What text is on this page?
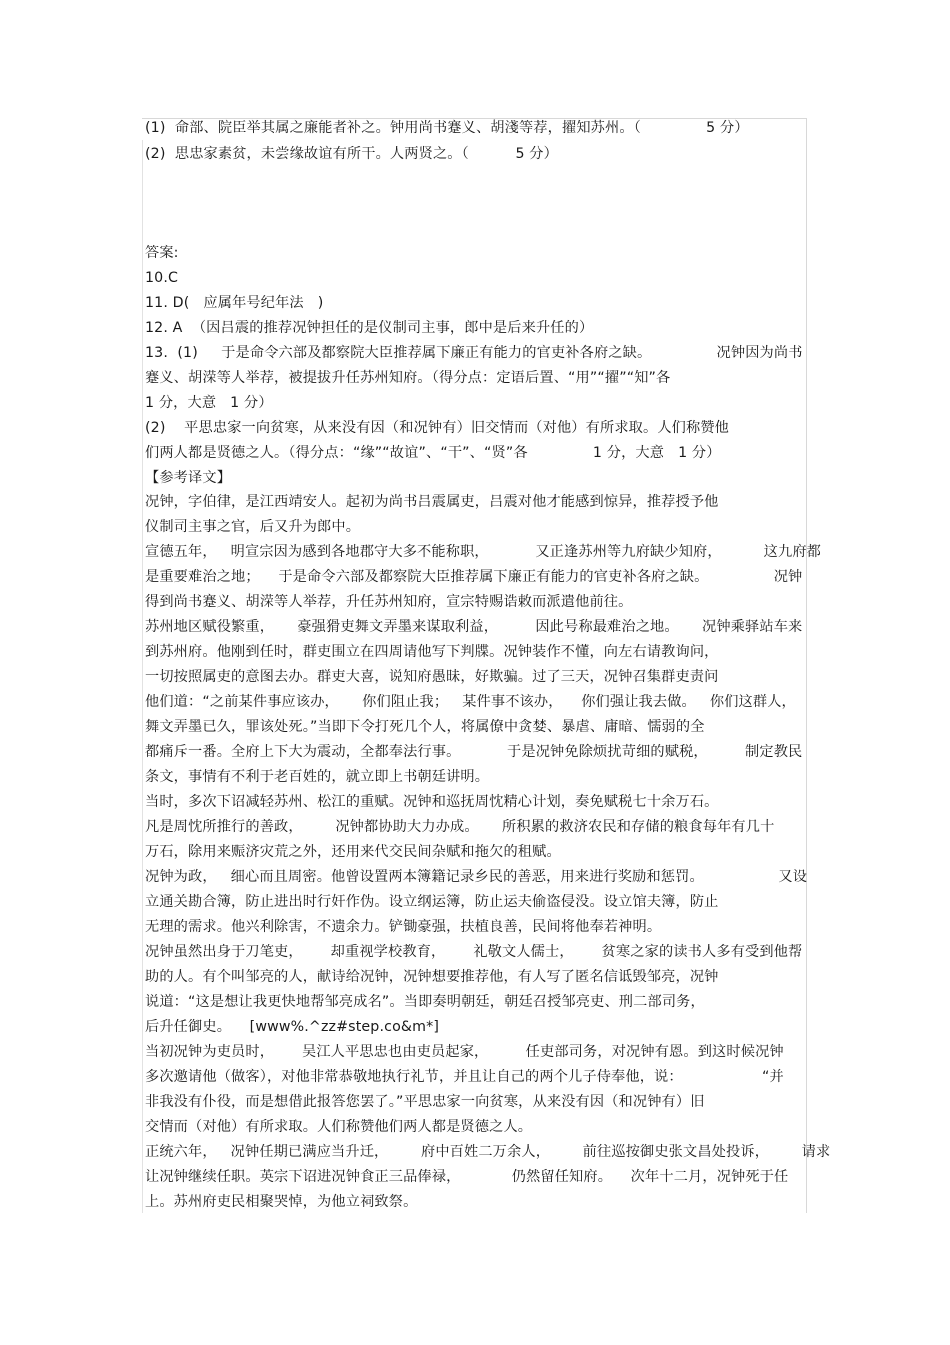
(1)  命部、院臣举其属之廉能者补之。钟用尚书蹇义、胡淺等荐，擢知苏州。（              5 分）
(2)  思忠家素贫，未尝缘故谊有所干。人两贤之。（          5 分）
答案:
10.C
11. D(   应属年号纪年法   )
12. A  （因吕震的推荐况钟担任的是仪制司主事，郎中是后来升任的）
13.  (1)     于是命令六部及都察院大臣推荐属下廉正有能力的官吏补各府之缺。              况钟因为尚书
蹇义、胡溁等人举荐，被提拔升任苏州知府。（得分点：定语后置、“用”“擢”“知”各
1 分，大意   1 分）
(2)    平思忠家一向贫寒，从来没有因（和况钟有）旧交情而（对他）有所求取。人们称赞他
们两人都是贤德之人。（得分点：“缘”“故谊”、“干”、“贤”各              1 分，大意   1 分）
【参考译文】
况钟，字伯律，是江西靖安人。起初为尚书吕震属吏，吕震对他才能感到惊异，推荐授予他
仪制司主事之官，后又升为郎中。
宣德五年，   明宣宗因为感到各地郡守大多不能称职，          又正逢苏州等九府缺少知府，         这九府都
是重要难治之地；    于是命令六部及都察院大臣推荐属下廉正有能力的官吏补各府之缺。              况钟
得到尚书蹇义、胡溁等人举荐，升任苏州知府，宣宗特赐诰敕而派遣他前往。
苏州地区赋役繁重，     豪强猾吏舞文弄墨来谋取利益，        因此号称最难治之地。     况钟乘驿站车来
到苏州府。他刚到任时，群吏围立在四周请他写下判牒。况钟装作不懂，向左右请教询问，
一切按照属吏的意图去办。群吏大喜，说知府愚昧，好欺骗。过了三天，况钟召集群吏责问
他们道：“之前某件事应该办，     你们阻止我；   某件事不该办，    你们强让我去做。   你们这群人，
舞文弄墨已久，罪该处死。”当即下令打死几个人，将属僚中贪婪、暴虐、庸暗、懦弱的全
都痛斥一番。全府上下大为震动，全都奉法行事。          于是况钟免除烦扰苛细的赋税，        制定教民
条文，事情有不利于老百姓的，就立即上书朝廷讲明。
当时，多次下诏减轻苏州、松江的重赋。况钟和巡抚周忱精心计划，奏免赋税七十余万石。
凡是周忱所推行的善政，       况钟都协助大力办成。     所积累的救济农民和存储的粮食每年有几十
万石，除用来赈济灾荒之外，还用来代交民间杂赋和拖欠的租赋。
况钟为政，   细心而且周密。他曾设置两本簿籍记录乡民的善恶，用来进行奖励和惩罚。                又设
立通关勘合簿，防止进出时行奸作伪。设立纲运簿，防止运夫偷盗侵没。设立馆夫簿，防止
无理的需求。他兴利除害，不遗余力。铲锄豪强，扶植良善，民间将他奉若神明。
况钟虽然出身于刀笔吏，      却重视学校教育，      礼敬文人儒士，      贫寒之家的读书人多有受到他帮
助的人。有个叫邹亮的人，献诗给况钟，况钟想要推荐他，有人写了匿名信诋毁邹亮，况钟
说道：“这是想让我更快地帮邹亮成名”。当即奏明朝廷，朝廷召授邹亮吏、刑二部司务，
后升任御史。    [www%.^zz#step.co&m*]
当初况钟为吏员时，      吴江人平思忠也由吏员起家，        任吏部司务，对况钟有恩。到这时候况钟
多次邀请他（做客），对他非常恭敬地执行礼节，并且让自己的两个儿子侍奉他，说：                 “并
非我没有仆役，而是想借此报答您罢了。”平思忠家一向贫寒，从来没有因（和况钟有）旧
交情而（对他）有所求取。人们称赞他们两人都是贤德之人。
正统六年，   况钟任期已满应当升迁，       府中百姓二万余人，       前往巡按御史张文昌处投诉，       请求
让况钟继续任职。英宗下诏进况钟食正三品俸禄，           仍然留任知府。    次年十二月，况钟死于任
上。苏州府吏民相聚哭悼，为他立祠致祭。
